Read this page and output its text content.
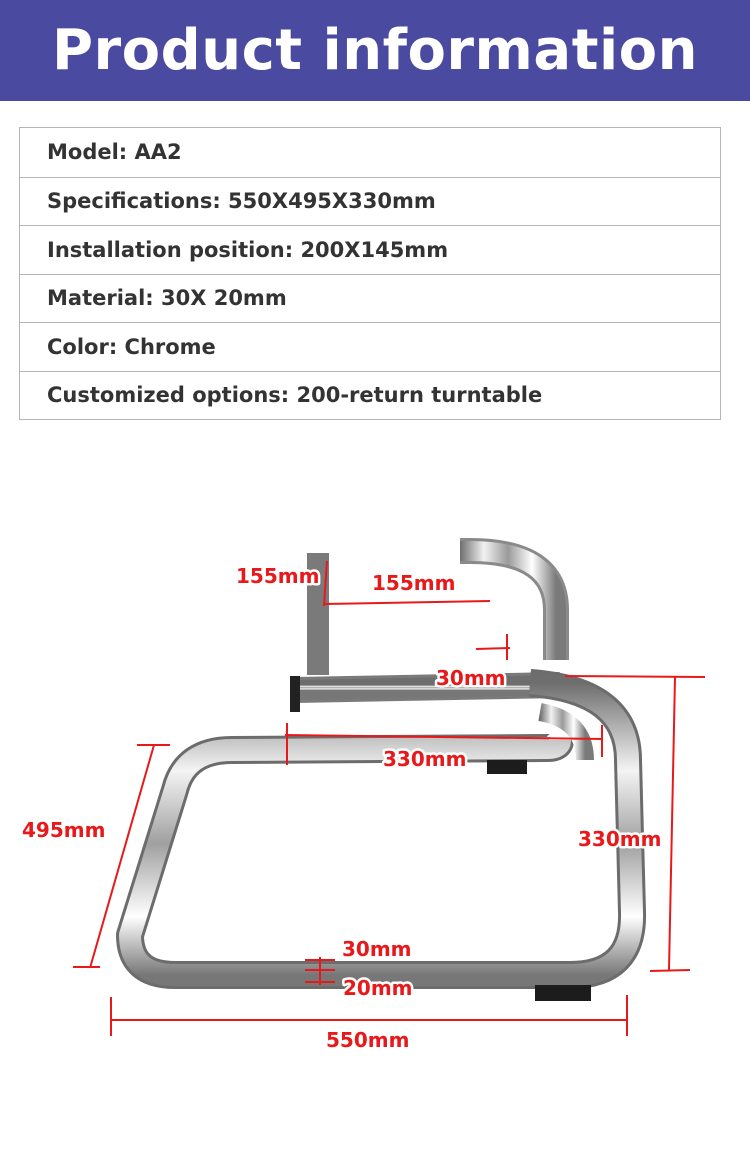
Product information
Model: AA2
Specifications: 550X495X330mm
Installation position: 200X145mm
Material: 30X 20mm
Color: Chrome
Customized options: 200-return turntable
155mm	155mm
30mm
330mm
495mm	330mm
30mm
20mm
550mm
